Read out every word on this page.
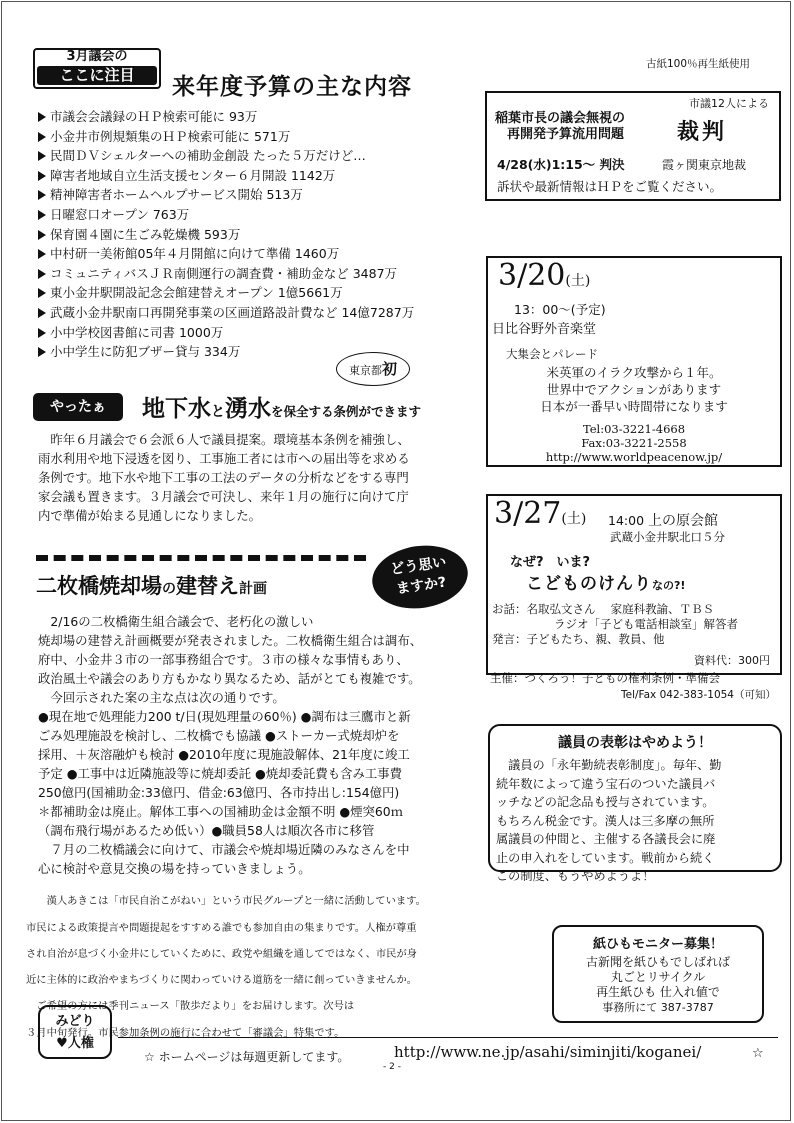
古紙100％再生紙使用
3月議会の
ここに注目	来年度予算の主な内容
市議会会議録のＨＰ検索可能に 93万
小金井市例規類集のＨＰ検索可能に 571万
民間ＤＶシェルターへの補助金創設 たった５万だけど…
障害者地域自立生活支援センター６月開設 1142万
精神障害者ホームヘルプサービス開始 513万
日曜窓口オープン 763万
保育園４園に生ごみ乾燥機 593万
中村研一美術館05年４月開館に向けて準備 1460万
コミュニティバスＪＲ南側運行の調査費・補助金など 3487万
東小金井駅開設記念会館建替えオープン 1億5661万
武蔵小金井駅南口再開発事業の区画道路設計費など 14億7287万
小中学校図書館に司書 1000万
小中学生に防犯ブザー貸与 334万
市議12人による
稲葉市長の議会無視の
再開発予算流用問題 裁判
4/28(水)1:15～ 判決	霞ヶ関東京地裁
訴状や最新情報はＨＰをご覧ください。
3/20(土)
13：00～(予定)
日比谷野外音楽堂
大集会とパレード
米英軍のイラク攻撃から１年。
世界中でアクションがあります
日本が一番早い時間帯になります
Tel:03-3221-4668
Fax:03-3221-2558
http://www.worldpeacenow.jp/
東京都初
やったぁ	地下水と湧水を保全する条例ができます

　昨年６月議会で６会派６人で議員提案。環境基本条例を補強し、

雨水利用や地下浸透を図り、工事施工者には市への届出等を求める

条例です。地下水や地下工事の工法のデータの分析などをする専門

家会議も置きます。３月議会で可決し、来年１月の施行に向けて庁

内で準備が始まる見通しになりました。	3/27(土) 14:00 上の原会館
武蔵小金井駅北口５分
なぜ?　いま?
こどものけんりなの?!
お話：名取弘文さん　 家庭科教諭、ＴＢＳ
ラジオ「子ども電話相談室」解答者
発言：子どもたち、親、教員、他
資料代：300円
主催：つくろう！子どもの権利条例・準備会
Tel/Fax 042-383-1054（可知）
二枚橋焼却場の建替え計画
どう思い
ますか?

　2/16の二枚橋衛生組合議会で、老朽化の激しい

焼却場の建替え計画概要が発表されました。二枚橋衛生組合は調布、

府中、小金井３市の一部事務組合です。３市の様々な事情もあり、

政治風土や議会のあり方もかなり異なるため、話がとても複雑です。

　今回示された案の主な点は次の通りです。

●現在地で処理能力200 t/日(現処理量の60％) ●調布は三鷹市と新

ごみ処理施設を検討し、二枚橋でも協議 ●ストーカー式焼却炉を

採用、＋灰溶融炉も検討 ●2010年度に現施設解体、21年度に竣工

予定 ●工事中は近隣施設等に焼却委託 ●焼却委託費も含み工事費

250億円(国補助金:33億円、借金:63億円、各市持出し:154億円)

＊都補助金は廃止。解体工事への国補助金は金額不明 ●煙突60ｍ

（調布飛行場があるため低い）●職員58人は順次各市に移管

　７月の二枚橋議会に向けて、市議会や焼却場近隣のみなさんを中

心に検討や意見交換の場を持っていきましょう。

議員の表彰はやめよう！

　議員の「永年勤続表彰制度」。毎年、勤

続年数によって違う宝石のついた議員バ

ッチなどの記念品も授与されています。

もちろん税金です。漢人は三多摩の無所

属議員の仲間と、主催する各議長会に廃

止の申入れをしています。戦前から続く

この制度、もうやめようよ！

　　漢人あきこは「市民自治こがねい」という市民グループと一緒に活動しています。

市民による政策提言や問題提起をすすめる誰でも参加自由の集まりです。人権が尊重

され自治が息づく小金井にしていくために、政党や組織を通してではなく、市民が身

近に主体的に政治やまちづくりに関わっていける道筋を一緒に創っていきませんか。

　ご希望の方には季刊ニュース「散歩だより」をお届けします。次号は

３月中旬発行。市民参加条例の施行に合わせて「審議会」特集です。

みどり
♥人権
紙ひもモニター募集！
古新聞を紙ひもでしばれば
丸ごとリサイクル
再生紙ひも 仕入れ値で
事務所にて 387-3787
☆ ホームページは毎週更新してます。	http://www.ne.jp/asahi/siminjiti/koganei/	☆
- 2 -
